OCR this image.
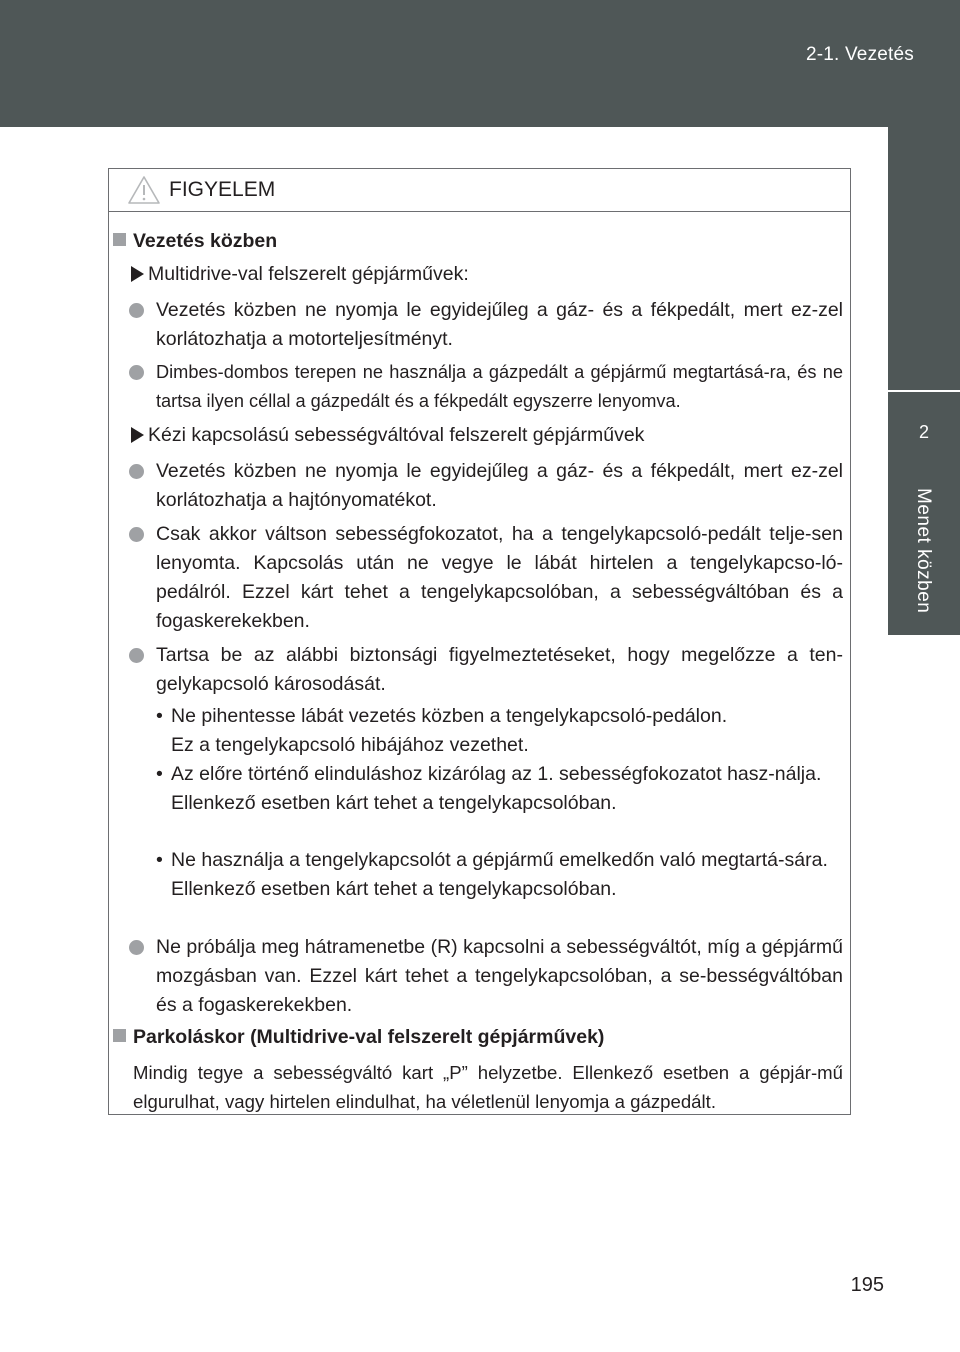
2-1. Vezetés
2
Menet közben
FIGYELEM
Vezetés közben
Multidrive-val felszerelt gépjárművek:
Vezetés közben ne nyomja le egyidejűleg a gáz- és a fékpedált, mert ez-zel korlátozhatja a motorteljesítményt.
Dimbes-dombos terepen ne használja a gázpedált a gépjármű megtartásá-ra, és ne tartsa ilyen céllal a gázpedált és a fékpedált egyszerre lenyomva.
Kézi kapcsolású sebességváltóval felszerelt gépjárművek
Vezetés közben ne nyomja le egyidejűleg a gáz- és a fékpedált, mert ez-zel korlátozhatja a hajtónyomatékot.
Csak akkor váltson sebességfokozatot, ha a tengelykapcsoló-pedált telje-sen lenyomta. Kapcsolás után ne vegye le lábát hirtelen a tengelykapcso-ló-pedálról. Ezzel kárt tehet a tengelykapcsolóban, a sebességváltóban és a fogaskerekekben.
Tartsa be az alábbi biztonsági figyelmeztetéseket, hogy megelőzze a ten-gelykapcsoló károsodását.
• Ne pihentesse lábát vezetés közben a tengelykapcsoló-pedálon.
Ez a tengelykapcsoló hibájához vezethet.
• Az előre történő elinduláshoz kizárólag az 1. sebességfokozatot hasz-nálja.
Ellenkező esetben kárt tehet a tengelykapcsolóban.
• Ne használja a tengelykapcsolót a gépjármű emelkedőn való megtartá-sára.
Ellenkező esetben kárt tehet a tengelykapcsolóban.
Ne próbálja meg hátramenetbe (R) kapcsolni a sebességváltót, míg a gépjármű mozgásban van. Ezzel kárt tehet a tengelykapcsolóban, a se-bességváltóban és a fogaskerekekben.
Parkoláskor (Multidrive-val felszerelt gépjárművek)
Mindig tegye a sebességváltó kart „P” helyzetbe. Ellenkező esetben a gépjár-mű elgurulhat, vagy hirtelen elindulhat, ha véletlenül lenyomja a gázpedált.
195
